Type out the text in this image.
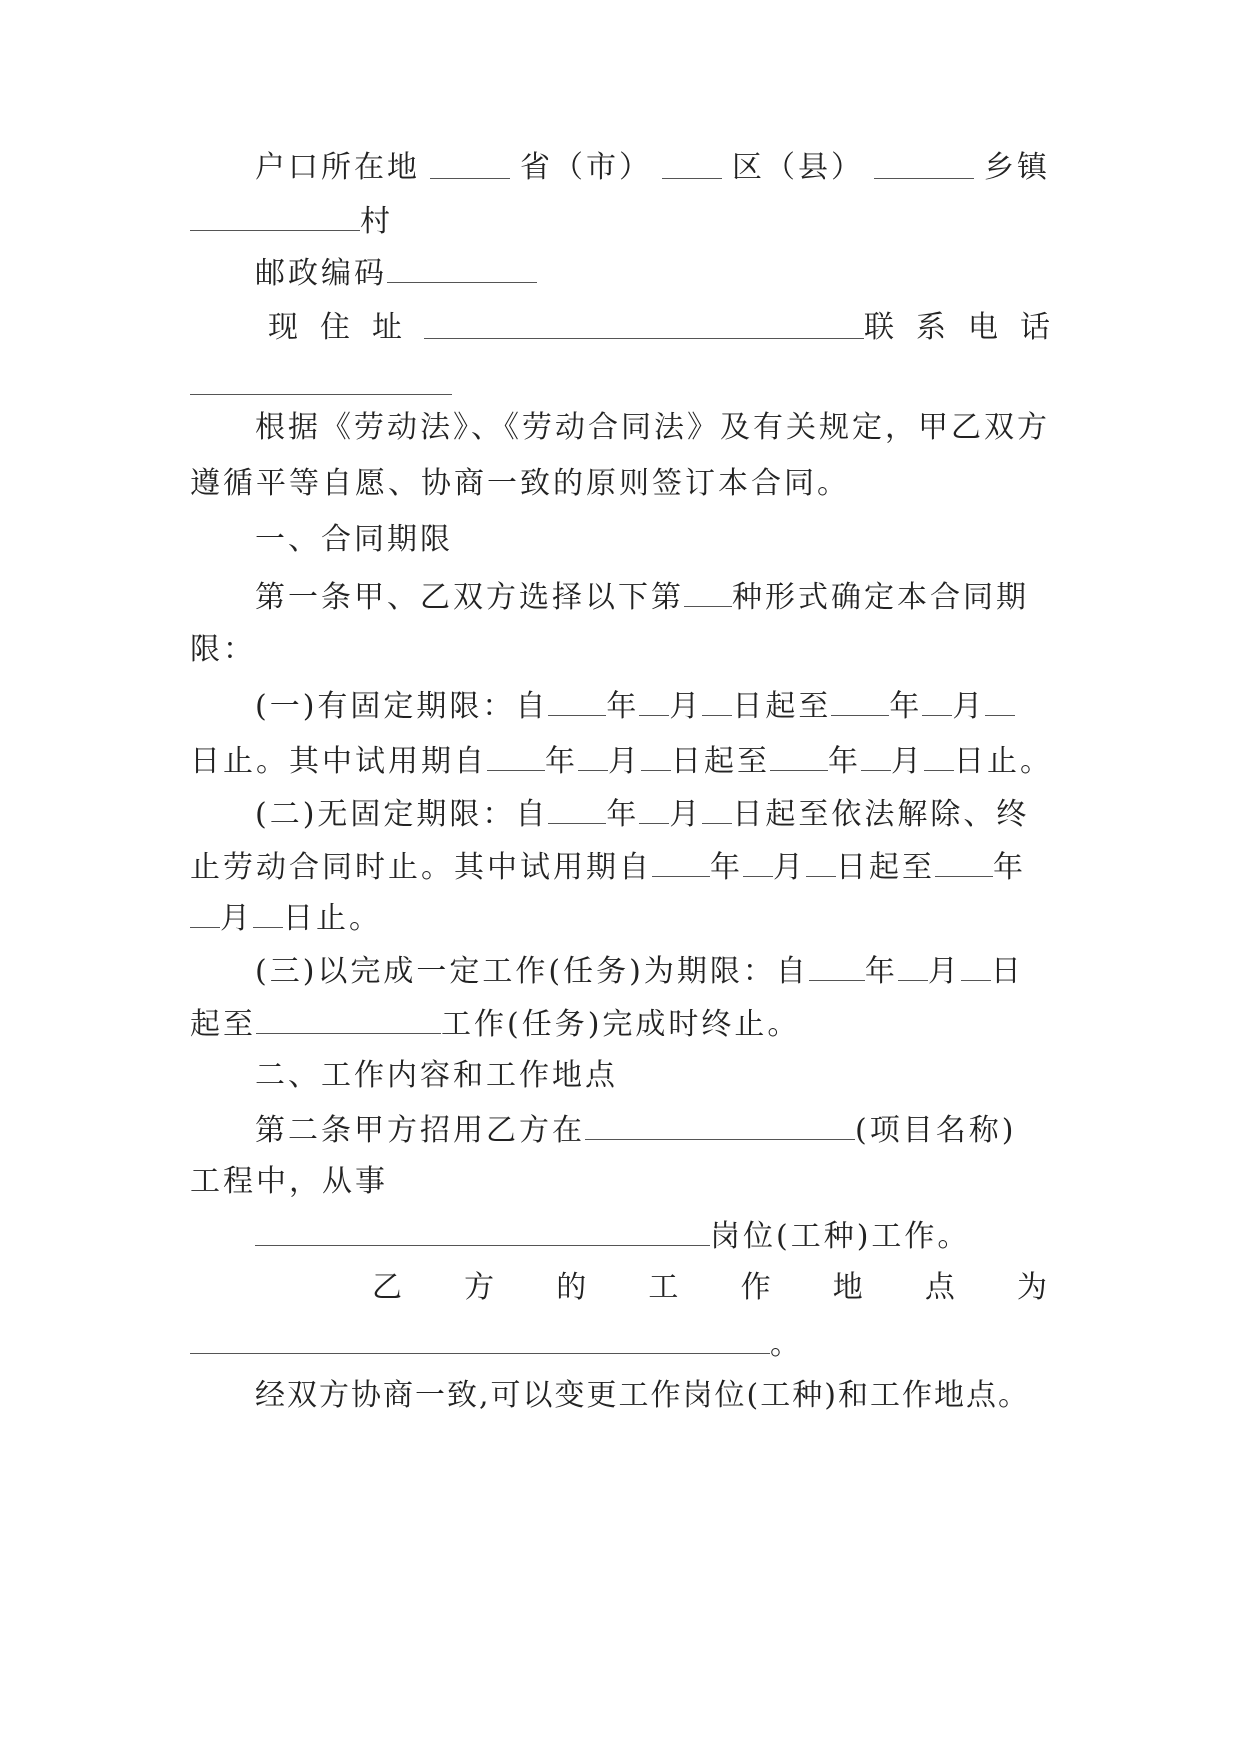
户口所在地	省（市）	区（县）	乡镇
村
邮政编码
现住址	联系电话
根据《劳动法》、《劳动合同法》及有关规定，甲乙双方
遵循平等自愿、协商一致的原则签订本合同。
一、合同期限
第一条甲、乙双方选择以下第 种形式确定本合同期
限：
(一)有固定期限：自 年 月 日起至 年 月
日止。其中试用期自 年 月 日起至 年 月 日止。
(二)无固定期限：自 年 月 日起至依法解除、终
止劳动合同时止。其中试用期自 年 月 日起至 年
月 日止。
(三)以完成一定工作(任务)为期限：自 年 月 日
起至	工作(任务)完成时终止。
二、工作内容和工作地点
第二条甲方招用乙方在	(项目名称)
工程中，从事
岗位(工种)工作。
乙 方 的 工 作 地 点 为
。
经双方协商一致,可以变更工作岗位(工种)和工作地点。
